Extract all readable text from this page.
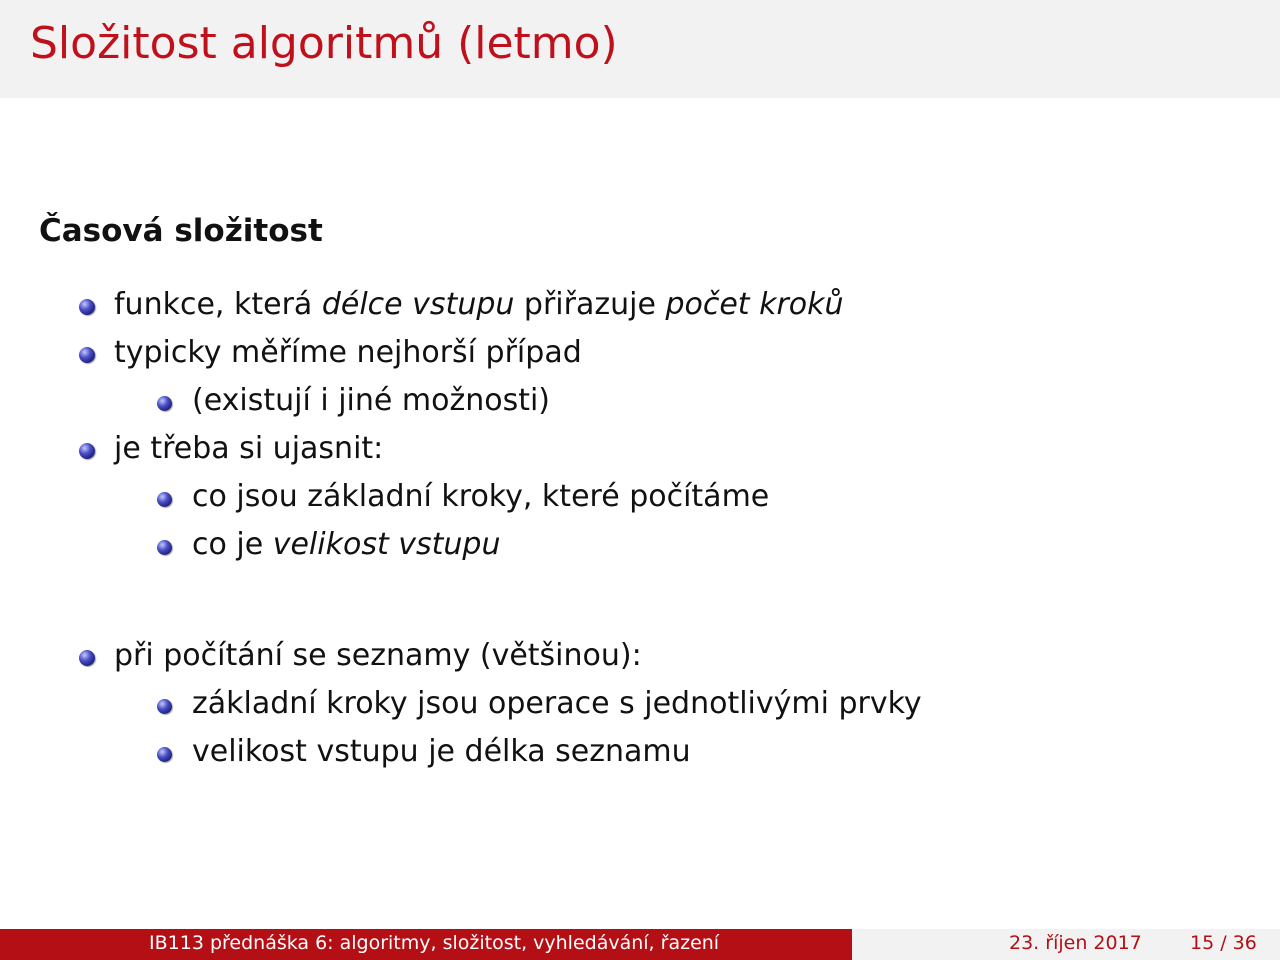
Složitost algoritmů (letmo)
Časová složitost
funkce, která délce vstupu přiřazuje počet kroků
typicky měříme nejhorší případ
(existují i jiné možnosti)
je třeba si ujasnit:
co jsou základní kroky, které počítáme
co je velikost vstupu
při počítání se seznamy (většinou):
základní kroky jsou operace s jednotlivými prvky
velikost vstupu je délka seznamu
IB113 přednáška 6: algoritmy, složitost, vyhledávání, řazení	23. říjen 2017	15 / 36
